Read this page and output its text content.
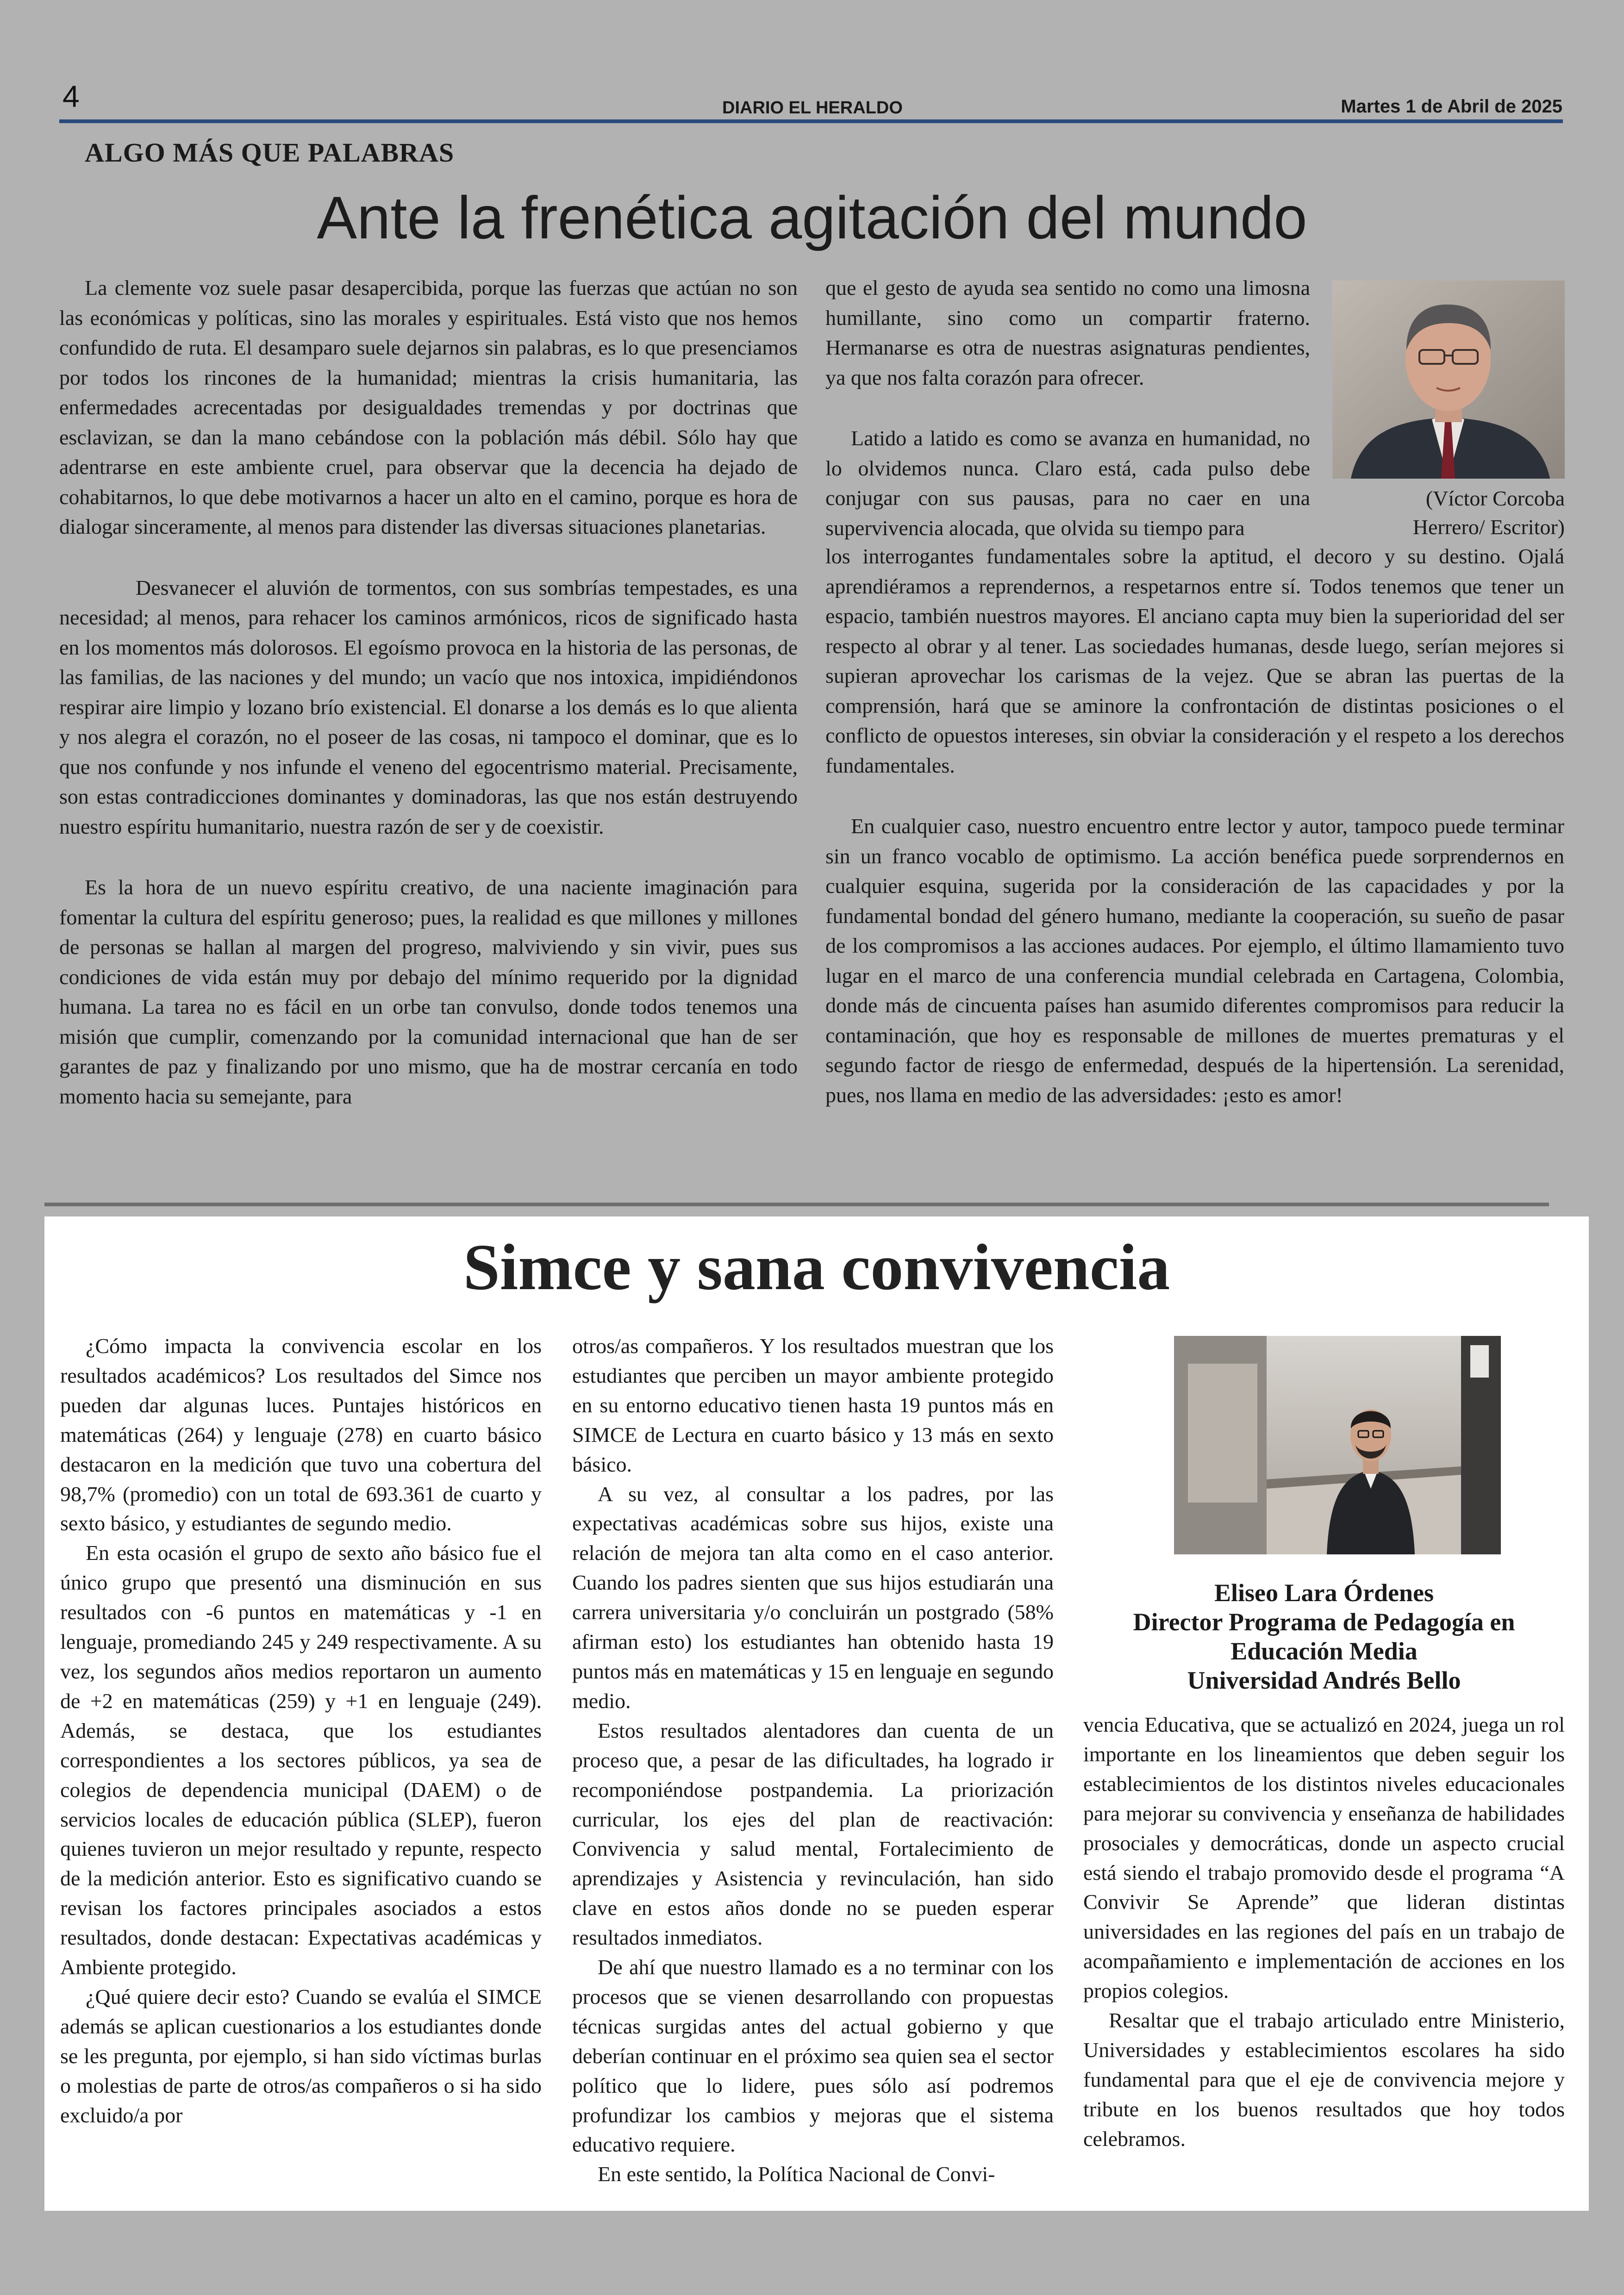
4	DIARIO EL HERALDO	Martes 1 de Abril de 2025
ALGO MÁS QUE PALABRAS
Ante la frenética agitación del mundo

La clemente voz suele pasar desapercibida, porque las fuerzas que actúan no son las económicas y políticas, sino las morales y espirituales. Está visto que nos hemos confundido de ruta. El desamparo suele dejarnos sin palabras, es lo que presenciamos por todos los rincones de la humanidad; mientras la crisis humanitaria, las enfermedades acrecentadas por desigualdades tremendas y por doctrinas que esclavizan, se dan la mano cebándose con la población más débil. Sólo hay que adentrarse en este ambiente cruel, para observar que la decencia ha dejado de cohabitarnos, lo que debe motivarnos a hacer un alto en el camino, porque es hora de dialogar sinceramente, al menos para distender las diversas situaciones planetarias.

Desvanecer el aluvión de tormentos, con sus sombrías tempestades, es una necesidad; al menos, para rehacer los caminos armónicos, ricos de significado hasta en los momentos más dolorosos. El egoísmo provoca en la historia de las personas, de las familias, de las naciones y del mundo; un vacío que nos intoxica, impidiéndonos respirar aire limpio y lozano brío existencial. El donarse a los demás es lo que alienta y nos alegra el corazón, no el poseer de las cosas, ni tampoco el dominar, que es lo que nos confunde y nos infunde el veneno del egocentrismo material. Precisamente, son estas contradicciones dominantes y dominadoras, las que nos están destruyendo nuestro espíritu humanitario, nuestra razón de ser y de coexistir.

Es la hora de un nuevo espíritu creativo, de una naciente imaginación para fomentar la cultura del espíritu generoso; pues, la realidad es que millones y millones de personas se hallan al margen del progreso, malviviendo y sin vivir, pues sus condiciones de vida están muy por debajo del mínimo requerido por la dignidad humana. La tarea no es fácil en un orbe tan convulso, donde todos tenemos una misión que cumplir, comenzando por la comunidad internacional que han de ser garantes de paz y finalizando por uno mismo, que ha de mostrar cercanía en todo momento hacia su semejante, para

que el gesto de ayuda sea sentido no como una limosna humillante, sino como un compartir fraterno. Hermanarse es otra de nuestras asignaturas pendientes, ya que nos falta corazón para ofrecer.

Latido a latido es como se avanza en humanidad, no lo olvidemos nunca. Claro está, cada pulso debe conjugar con sus pausas, para no caer en una supervivencia alocada, que olvida su tiempo para

los interrogantes fundamentales sobre la aptitud, el decoro y su destino. Ojalá aprendiéramos a reprendernos, a respetarnos entre sí. Todos tenemos que tener un espacio, también nuestros mayores. El anciano capta muy bien la superioridad del ser respecto al obrar y al tener. Las sociedades humanas, desde luego, serían mejores si supieran aprovechar los carismas de la vejez. Que se abran las puertas de la comprensión, hará que se aminore la confrontación de distintas posiciones o el conflicto de opuestos intereses, sin obviar la consideración y el respeto a los derechos fundamentales.

En cualquier caso, nuestro encuentro entre lector y autor, tampoco puede terminar sin un franco vocablo de optimismo. La acción benéfica puede sorprendernos en cualquier esquina, sugerida por la consideración de las capacidades y por la fundamental bondad del género humano, mediante la cooperación, su sueño de pasar de los compromisos a las acciones audaces. Por ejemplo, el último llamamiento tuvo lugar en el marco de una conferencia mundial celebrada en Cartagena, Colombia, donde más de cincuenta países han asumido diferentes compromisos para reducir la contaminación, que hoy es responsable de millones de muertes prematuras y el segundo factor de riesgo de enfermedad, después de la hipertensión. La serenidad, pues, nos llama en medio de las adversidades: ¡esto es amor!

(Víctor Corcoba
Herrero/ Escritor)
Simce y sana convivencia

¿Cómo impacta la convivencia escolar en los resultados académicos? Los resultados del Simce nos pueden dar algunas luces. Puntajes históricos en matemáticas (264) y lenguaje (278) en cuarto básico destacaron en la medición que tuvo una cobertura del 98,7% (promedio) con un total de 693.361 de cuarto y sexto básico, y estudiantes de segundo medio.

En esta ocasión el grupo de sexto año básico fue el único grupo que presentó una disminución en sus resultados con -6 puntos en matemáticas y -1 en lenguaje, promediando 245 y 249 respectivamente. A su vez, los segundos años medios reportaron un aumento de +2 en matemáticas (259) y +1 en lenguaje (249). Además, se destaca, que los estudiantes correspondientes a los sectores públicos, ya sea de colegios de dependencia municipal (DAEM) o de servicios locales de educación pública (SLEP), fueron quienes tuvieron un mejor resultado y repunte, respecto de la medición anterior. Esto es significativo cuando se revisan los factores principales asociados a estos resultados, donde destacan: Expectativas académicas y Ambiente protegido.

¿Qué quiere decir esto? Cuando se evalúa el SIMCE además se aplican cuestionarios a los estudiantes donde se les pregunta, por ejemplo, si han sido víctimas burlas o molestias de parte de otros/as compañeros o si ha sido excluido/a por

otros/as compañeros. Y los resultados muestran que los estudiantes que perciben un mayor ambiente protegido en su entorno educativo tienen hasta 19 puntos más en SIMCE de Lectura en cuarto básico y 13 más en sexto básico.

A su vez, al consultar a los padres, por las expectativas académicas sobre sus hijos, existe una relación de mejora tan alta como en el caso anterior. Cuando los padres sienten que sus hijos estudiarán una carrera universitaria y/o concluirán un postgrado (58% afirman esto) los estudiantes han obtenido hasta 19 puntos más en matemáticas y 15 en lenguaje en segundo medio.

Estos resultados alentadores dan cuenta de un proceso que, a pesar de las dificultades, ha logrado ir recomponiéndose postpandemia. La priorización curricular, los ejes del plan de reactivación: Convivencia y salud mental, Fortalecimiento de aprendizajes y Asistencia y revinculación, han sido clave en estos años donde no se pueden esperar resultados inmediatos.

De ahí que nuestro llamado es a no terminar con los procesos que se vienen desarrollando con propuestas técnicas surgidas antes del actual gobierno y que deberían continuar en el próximo sea quien sea el sector político que lo lidere, pues sólo así podremos profundizar los cambios y mejoras que el sistema educativo requiere.

En este sentido, la Política Nacional de Convi-

Eliseo Lara Órdenes
Director Programa de Pedagogía en
Educación Media
Universidad Andrés Bello

vencia Educativa, que se actualizó en 2024, juega un rol importante en los lineamientos que deben seguir los establecimientos de los distintos niveles educacionales para mejorar su convivencia y enseñanza de habilidades prosociales y democráticas, donde un aspecto crucial está siendo el trabajo promovido desde el programa “A Convivir Se Aprende” que lideran distintas universidades en las regiones del país en un trabajo de acompañamiento e implementación de acciones en los propios colegios.

Resaltar que el trabajo articulado entre Ministerio, Universidades y establecimientos escolares ha sido fundamental para que el eje de convivencia mejore y tribute en los buenos resultados que hoy todos celebramos.
